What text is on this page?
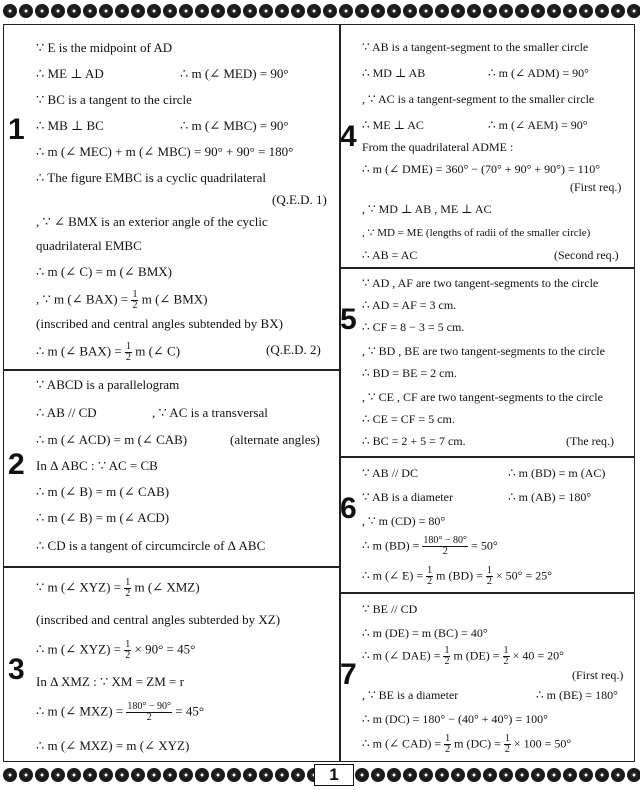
1
1
∵ E is the midpoint of AD
∴ ME ⊥ AD	∴ m (∠ MED) = 90°
∵ BC is a tangent to the circle
∴ MB ⊥ BC	∴ m (∠ MBC) = 90°
∴ m (∠ MEC) + m (∠ MBC) = 90° + 90° = 180°
∴ The figure EMBC is a cyclic quadrilateral
(Q.E.D. 1)
, ∵ ∠ BMX is an exterior angle of the cyclic
quadrilateral EMBC
∴ m (∠ C) = m (∠ BMX)
, ∵ m (∠ $BAX) = \frac{1}{2}$ m (∠ BMX)
(inscribed and central angles subtended by BX)
∴ m (∠ $BAX) = \frac{1}{2}$ m (∠ C)	(Q.E.D. 2)
2
∵ ABCD is a parallelogram
∴ AB // CD	, ∵ AC is a transversal
∴ m (∠ ACD) = m (∠ CAB)	(alternate angles)
In Δ ABC : ∵ AC = CB
∴ m (∠ B) = m (∠ CAB)
∴ m (∠ B) = m (∠ ACD)
∴ CD is a tangent of circumcircle of Δ ABC
3
∵ m (∠ $XYZ) = \frac{1}{2}$ m (∠ XMZ)
(inscribed and central angles subterded by XZ)
∴ m (∠ $XYZ) = \frac{1}{2} \times 90^\circ = 45^\circ$
In Δ XMZ : ∵ XM = ZM = r
∴ m (∠ $MXZ) = \frac{180^\circ - 90^\circ}{2} = 45^\circ$
∴ m (∠ MXZ) = m (∠ XYZ)
4
∵ AB is a tangent-segment to the smaller circle
∴ MD ⊥ AB	∴ m (∠ ADM) = 90°
, ∵ AC is a tangent-segment to the smaller circle
∴ ME ⊥ AC	∴ m (∠ AEM) = 90°
From the quadrilateral ADME :
∴ m (∠ DME) = 360° − (70° + 90° + 90°) = 110°
(First req.)
, ∵ MD ⊥ AB , ME ⊥ AC
, ∵ MD = ME (lengths of radii of the smaller circle)
∴ AB = AC	(Second req.)
5
∵ AD , AF are two tangent-segments to the circle
∴ AD = AF = 3 cm.
∴ CF = 8 − 3 = 5 cm.
, ∵ BD , BE are two tangent-segments to the circle
∴ BD = BE = 2 cm.
, ∵ CE , CF are two tangent-segments to the circle
∴ CE = CF = 5 cm.
∴ BC = 2 + 5 = 7 cm.	(The req.)
6
∵ AB // DC	∴ m (BD) = m (AC)
∵ AB is a diameter	∴ m (AB) = 180°
, ∵ m (CD) = 80°
∴ m $(BD) = \frac{180^\circ - 80^\circ}{2} = 50^\circ$
∴ m (∠ $E) = \frac{1}{2}$ m $(BD) = \frac{1}{2} \times 50^\circ = 25^\circ$
7
∵ BE // CD
∴ m (DE) = m (BC) = 40°
∴ m (∠ $DAE) = \frac{1}{2}$ m $(DE) = \frac{1}{2} \times 40 = 20^\circ$
(First req.)
, ∵ BE is a diameter	∴ m (BE) = 180°
∴ m (DC) = 180° − (40° + 40°) = 100°
∴ m (∠ $CAD) = \frac{1}{2}$ m $(DC) = \frac{1}{2} \times 100 = 50^\circ$
